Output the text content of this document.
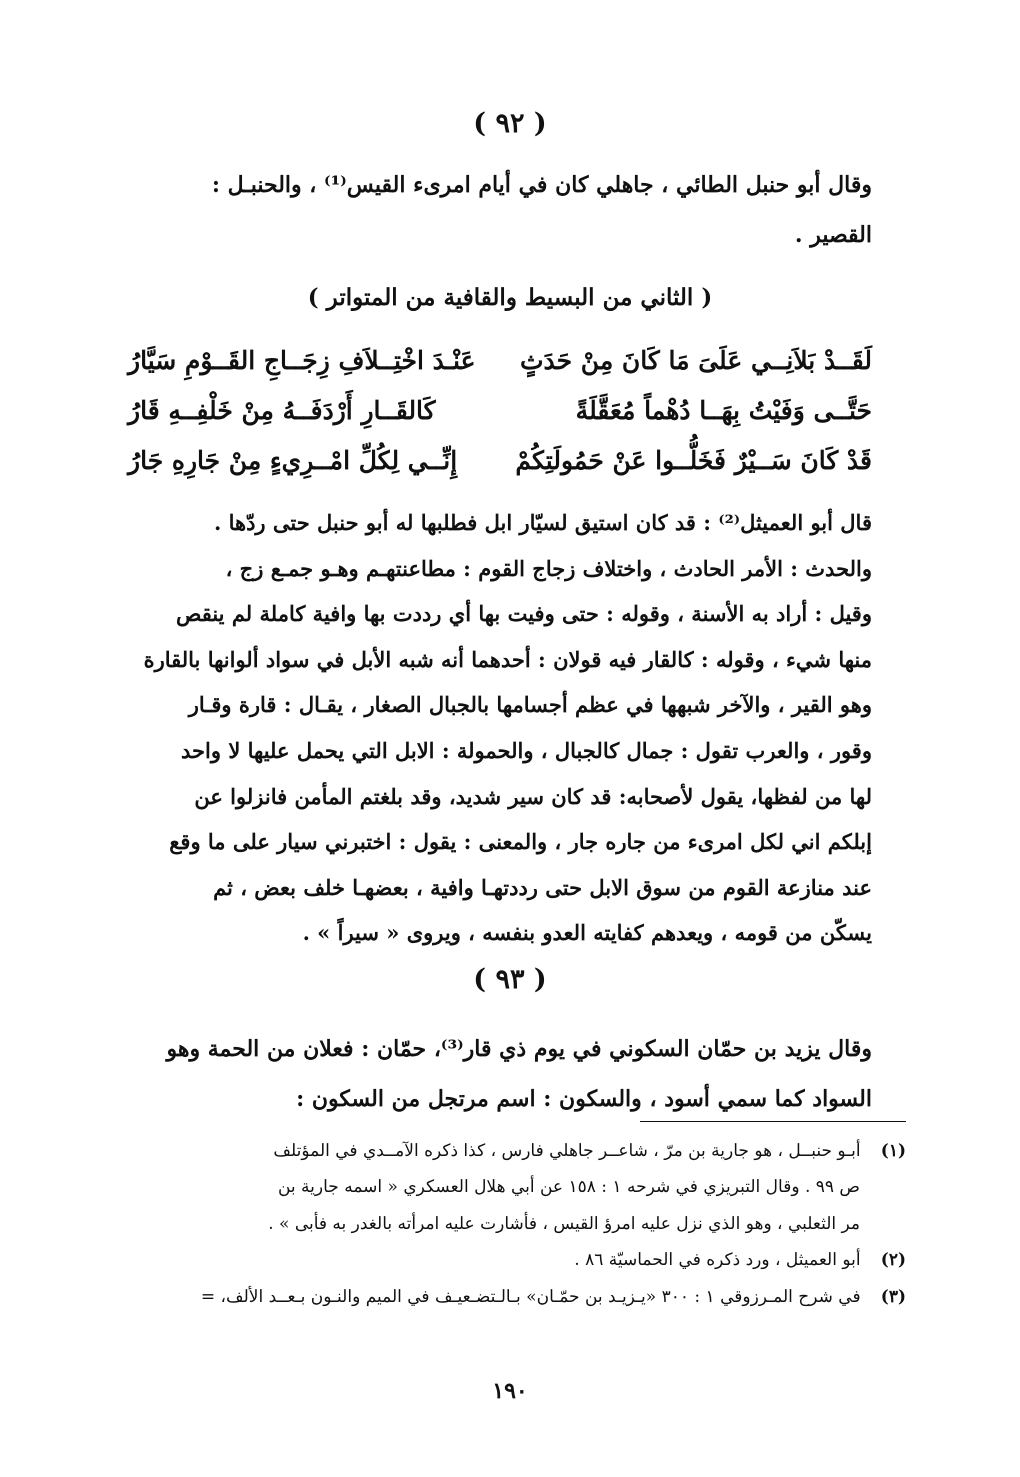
( ٩٢ )
وقال أبو حنبل الطائي ، جاهلي كان في أيام امرىء القيس⁽¹⁾ ، والحنبـل :
القصير .
( الثاني من البسيط والقافية من المتواتر )
لَقَــدْ بَلاَنِــي عَلَىَ مَا كَانَ مِنْ حَدَثٍ
عَنْـدَ اخْتِــلاَفِ زِجَــاجِ القَــوْمِ سَيَّارُ
حَتَّــى وَفَيْتُ بِهَــا دُهْماً مُعَقَّلَةً
كَالقَــارِ أَرْدَفَــهُ مِنْ خَلْفِــهِ قَارُ
قَدْ كَانَ سَــيْرٌ فَخَلُّــوا عَنْ حَمُولَتِكُمْ
إِنِّــي لِكُلِّ امْــرِيءٍ مِنْ جَارِهِ جَارُ
قال أبو العميثل⁽²⁾ : قد كان استيق لسيّار ابل فطلبها له أبو حنبل حتى ردّها .
والحدث : الأمر الحادث ، واختلاف زجاج القوم : مطاعنتهـم وهـو جمـع زج ،
وقيل : أراد به الأسنة ، وقوله : حتى وفيت بها أي رددت بها وافية كاملة لم ينقص
منها شيء ، وقوله : كالقار فيه قولان : أحدهما أنه شبه الأبل في سواد ألوانها بالقارة
وهو القير ، والآخر شبهها في عظم أجسامها بالجبال الصغار ، يقـال : قارة وقـار
وقور ، والعرب تقول : جمال كالجبال ، والحمولة : الابل التي يحمل عليها لا واحد
لها من لفظها، يقول لأصحابه: قد كان سير شديد، وقد بلغتم المأمن فانزلوا عن
إبلكم اني لكل امرىء من جاره جار ، والمعنى : يقول : اختبرني سيار على ما وقع
عند منازعة القوم من سوق الابل حتى رددتهـا وافية ، بعضهـا خلف بعض ، ثم
يسكّن من قومه ، ويعدهم كفايته العدو بنفسه ، ويروى « سيراً » .
( ٩٣ )
وقال يزيد بن حمّان السكوني في يوم ذي قار⁽³⁾، حمّان : فعلان من الحمة وهو
السواد كما سمي أسود ، والسكون : اسم مرتجل من السكون :
(١) أبـو حنبــل ، هو جارية بن مرّ ، شاعــر جاهلي فارس ، كذا ذكره الآمــدي في المؤتلف
ص ٩٩ . وقال التبريزي في شرحه ١ : ١٥٨ عن أبي هلال العسكري « اسمه جارية بن
مر الثعلبي ، وهو الذي نزل عليه امرؤ القيس ، فأشارت عليه امرأته بالغدر به فأبى » .
(٢) أبو العميثل ، ورد ذكره في الحماسيّة ٨٦ .
(٣) في شرح المـرزوقي ١ : ٣٠٠ «يـزيـد بن حمّـان» بـالـتضـعيـف في الميم والنـون بـعــد الألف، =
١٩٠
